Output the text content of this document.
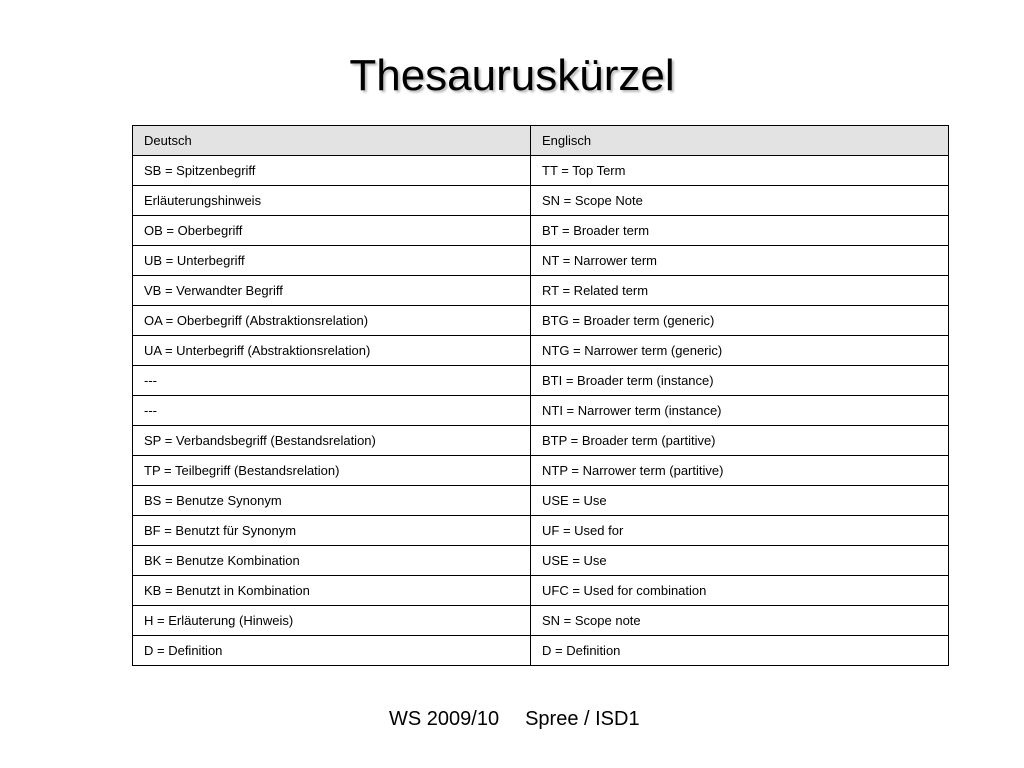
Thesauruskürzel
Deutsch	Englisch
SB = Spitzenbegriff	TT = Top Term
Erläuterungshinweis	SN = Scope Note
OB = Oberbegriff	BT = Broader term
UB = Unterbegriff	NT = Narrower term
VB = Verwandter Begriff	RT = Related term
OA = Oberbegriff (Abstraktionsrelation)	BTG = Broader term (generic)
UA = Unterbegriff (Abstraktionsrelation)	NTG = Narrower term (generic)
---	BTI = Broader term (instance)
---	NTI = Narrower term (instance)
SP = Verbandsbegriff (Bestandsrelation)	BTP = Broader term (partitive)
TP = Teilbegriff (Bestandsrelation)	NTP = Narrower term (partitive)
BS = Benutze Synonym	USE = Use
BF = Benutzt für Synonym	UF = Used for
BK = Benutze Kombination	USE = Use
KB = Benutzt in Kombination	UFC = Used for combination
H = Erläuterung (Hinweis)	SN = Scope note
D = Definition	D = Definition
WS 2009/10 Spree / ISD1
